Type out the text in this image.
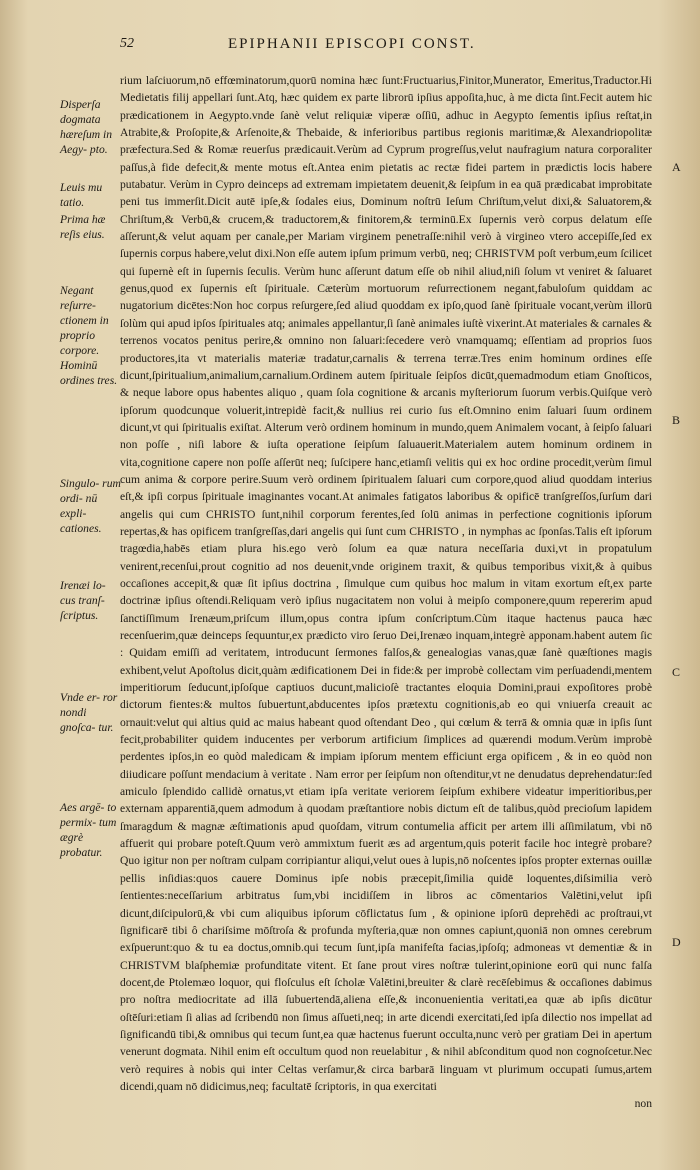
52	EPIPHANII EPISCOPI CONST.
Disperſa dogmata hæreſum in Aegy- pto.
Leuis mu tatio.
Prima hæ reſis eius.
Negant reſurre- ctionem in proprio corpore. Hominū ordines tres.
Singulo- rum ordi- nū expli- cationes.
Irenæi lo- cus tranſ- ſcriptus.
Vnde er- ror nondi gnoſca- tur.
Aes argē- to permix- tum ægrè probatur.
A
B
C
D

rium laſciuorum,nō effœminatorum,quorū nomina hæc ſunt:Fructuarius,Finitor,Munerator, Emeritus,Traductor.Hi Medietatis filij appellari ſunt.Atq, hæc quidem ex parte librorū ipſius appoſita,huc, à me dicta ſint.Fecit autem hic prædicationem in Aegypto.vnde ſanè velut reliquiæ viperæ oſſiū, adhuc in Aegypto ſementis ipſius reſtat,in Atrabite,& Proſopite,& Arſenoite,& Thebaide, & inferioribus partibus regionis maritimæ,& Alexandriopolitæ præfectura.Sed & Romæ reuerſus prædicauit.Verùm ad Cyprum progreſſus,velut naufragium natura corporaliter paſſus,à fide defecit,& mente motus eſt.Antea enim pietatis ac rectæ fidei partem in prædictis locis habere putabatur. Verùm in Cypro deinceps ad extremam impietatem deuenit,& ſeipſum in ea quā prædicabat improbitate peni tus immerſit.Dicit autē ipſe,& ſodales eius, Dominum noſtrū Ieſum Chriſtum,velut dixi,& Saluatorem,& Chriſtum,& Verbū,& crucem,& traductorem,& finitorem,& terminū.Ex ſupernis verò corpus delatum eſſe aſſerunt,& velut aquam per canale,per Mariam virginem penetraſſe:nihil verò à virgineo vtero accepiſſe,ſed ex ſupernis corpus habere,velut dixi.Non eſſe autem ipſum primum verbū, neq; CHRISTVM poſt verbum,eum ſcilicet qui ſupernè eſt in ſupernis ſeculis. Verùm hunc aſſerunt datum eſſe ob nihil aliud,niſi ſolum vt veniret & ſaluaret genus,quod ex ſupernis eſt ſpirituale. Cæterùm mortuorum reſurrectionem negant,fabuloſum quiddam ac nugatorium dicētes:Non hoc corpus reſurgere,ſed aliud quoddam ex ipſo,quod ſanè ſpirituale vocant,verùm illorū ſolùm qui apud ipſos ſpirituales atq; animales appellantur,ſi ſanè animales iuſtè vixerint.At materiales & carnales & terrenos vocatos penitus perire,& omnino non ſaluari:ſecedere verò vnamquamq; eſſentiam ad proprios ſuos productores,ita vt materialis materiæ tradatur,carnalis & terrena terræ.Tres enim hominum ordines eſſe dicunt,ſpiritualium,animalium,carnalium.Ordinem autem ſpirituale ſeipſos dicūt,quemadmodum etiam Gnoſticos, & neque labore opus habentes aliquo , quam ſola cognitione & arcanis myſteriorum ſuorum verbis.Quiſque verò ipſorum quodcunque voluerit,intrepidè facit,& nullius rei curio ſus eſt.Omnino enim ſaluari ſuum ordinem dicunt,vt qui ſpiritualis exiſtat. Alterum verò ordinem hominum in mundo,quem Animalem vocant, à ſeipſo ſaluari non poſſe , niſi labore & iuſta operatione ſeipſum ſaluauerit.Materialem autem hominum ordinem in vita,cognitione capere non poſſe aſſerūt neq; ſuſcipere hanc,etiamſi velitis qui ex hoc ordine procedit,verùm ſimul cum anima & corpore perire.Suum verò ordinem ſpiritualem ſaluari cum corpore,quod aliud quoddam interius eſt,& ipſi corpus ſpirituale imaginantes vocant.At animales fatigatos laboribus & opificē tranſgreſſos,ſurſum dari angelis qui cum CHRISTO ſunt,nihil corporum ferentes,ſed ſolū animas in perfectione cognitionis ipſorum repertas,& has opificem tranſgreſſas,dari angelis qui ſunt cum CHRISTO , in nymphas ac ſponſas.Talis eſt ipſorum tragœdia,habēs etiam plura his.ego verò ſolum ea quæ natura neceſſaria duxi,vt in propatulum venirent,recenſui,prout cognitio ad nos deuenit,vnde originem traxit, & quibus temporibus vixit,& à quibus occaſiones accepit,& quæ ſit ipſius doctrina , ſimulque cum quibus hoc malum in vitam exortum eſt,ex parte doctrinæ ipſius oſtendi.Reliquam verò ipſius nugacitatem non volui à meipſo componere,quum repererim apud ſanctiſſimum Irenæum,priſcum illum,opus contra ipſum conſcriptum.Cùm itaque hactenus pauca hæc recenſuerim,quæ deinceps ſequuntur,ex prædicto viro ſeruo Dei,Irenæo inquam,integrè apponam.habent autem ſic : Quidam emiſſi ad veritatem, introducunt ſermones falſos,& genealogias vanas,quæ ſanè quæſtiones magis exhibent,velut Apoſtolus dicit,quàm ædificationem Dei in fide:& per improbè collectam vim perſuadendi,mentem imperitiorum ſeducunt,ipſoſque captiuos ducunt,malicioſè tractantes eloquia Domini,praui expoſitores probè dictorum fientes:& multos ſubuertunt,abducentes ipſos prætextu cognitionis,ab eo qui vniuerſa creauit ac ornauit:velut qui altius quid ac maius habeant quod oſtendant Deo , qui cœlum & terrā & omnia quæ in ipſis ſunt fecit,probabiliter quidem inducentes per verborum artificium ſimplices ad quærendi modum.Verùm improbè perdentes ipſos,in eo quòd maledicam & impiam ipſorum mentem efficiunt erga opificem , & in eo quòd non diiudicare poſſunt mendacium à veritate . Nam error per ſeipſum non oſtenditur,vt ne denudatus deprehendatur:ſed amiculo ſplendido callidè ornatus,vt etiam ipſa veritate veriorem ſeipſum exhibere videatur imperitioribus,per externam apparentiā,quem admodum à quodam præſtantiore nobis dictum eſt de talibus,quòd precioſum lapidem ſmaragdum & magnæ æſtimationis apud quoſdam, vitrum contumelia afficit per artem illi aſſimilatum, vbi nō affuerit qui probare poteſt.Quum verò ammixtum fuerit æs ad argentum,quis poterit facile hoc integrè probare? Quo igitur non per noſtram culpam corripiantur aliqui,velut oues à lupis,nō noſcentes ipſos propter externas ouillæ pellis inſidias:quos cauere Dominus ipſe nobis præcepit,ſimilia quidē loquentes,diſsimilia verò ſentientes:neceſſarium arbitratus ſum,vbi incidiſſem in libros ac cōmentarios Valētini,velut ipſi dicunt,diſcipulorū,& vbi cum aliquibus ipſorum cōflictatus ſum , & opinione ipſorū deprehēdi ac proſtraui,vt ſignificarē tibi ô chariſsime mōſtroſa & profunda myſteria,quæ non omnes capiunt,quoniā non omnes cerebrum exſpuerunt:quo & tu ea doctus,omnib.qui tecum ſunt,ipſa manifeſta facias,ipſoſq; admoneas vt dementiæ & in CHRISTVM blaſphemiæ profunditate vitent. Et ſane prout vires noſtræ tulerint,opinione eorū qui nunc falſa docent,de Ptolemæo loquor, qui floſculus eſt ſcholæ Valētini,breuiter & clarè recēſebimus & occaſiones dabimus pro noſtra mediocritate ad illā ſubuertendā,aliena eſſe,& inconuenientia veritati,ea quæ ab ipſis dicūtur oſtēſuri:etiam ſi alias ad ſcribendū non ſimus aſſueti,neq; in arte dicendi exercitati,ſed ipſa dilectio nos impellat ad ſignificandū tibi,& omnibus qui tecum ſunt,ea quæ hactenus fuerunt occulta,nunc verò per gratiam Dei in apertum venerunt dogmata. Nihil enim eſt occultum quod non reuelabitur , & nihil abſconditum quod non cognoſcetur.Nec verò requires à nobis qui inter Celtas verſamur,& circa barbarā linguam vt plurimum occupati ſumus,artem dicendi,quam nō didicimus,neq; facultatē ſcriptoris, in qua exercitati

non
